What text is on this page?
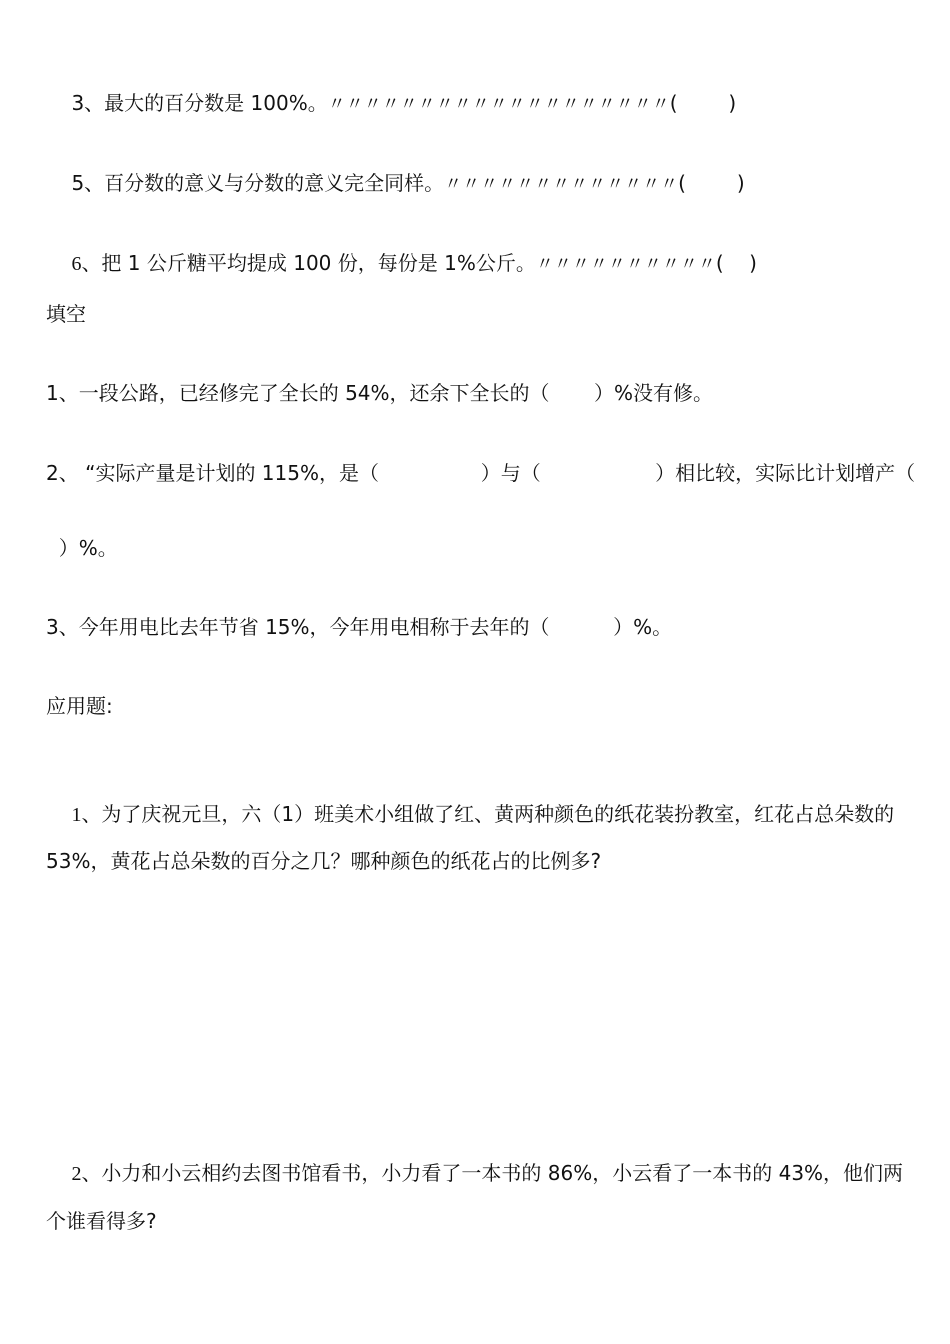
3、最大的百分数是 100%。〃〃〃〃〃〃〃〃〃〃〃〃〃〃〃〃〃〃〃(        )

5、百分数的意义与分数的意义完全同样。〃〃〃〃〃〃〃〃〃〃〃〃〃(        )

6、把 1 公斤糖平均提成 100 份，每份是 1%公斤。〃〃〃〃〃〃〃〃〃〃(    )

填空
1、一段公路，已经修完了全长的 54%，还余下全长的（       ）%没有修。
2、 “实际产量是计划的 115%，是（                ）与（                  ）相比较，实际比计划增产（
）%。
3、今年用电比去年节省 15%，今年用电相称于去年的（          ）%。
应用题:

1、为了庆祝元旦，六（1）班美术小组做了红、黄两种颜色的纸花装扮教室，红花占总朵数的

53%，黄花占总朵数的百分之几？哪种颜色的纸花占的比例多?

2、小力和小云相约去图书馆看书，小力看了一本书的 86%，小云看了一本书的 43%，他们两

个谁看得多?
